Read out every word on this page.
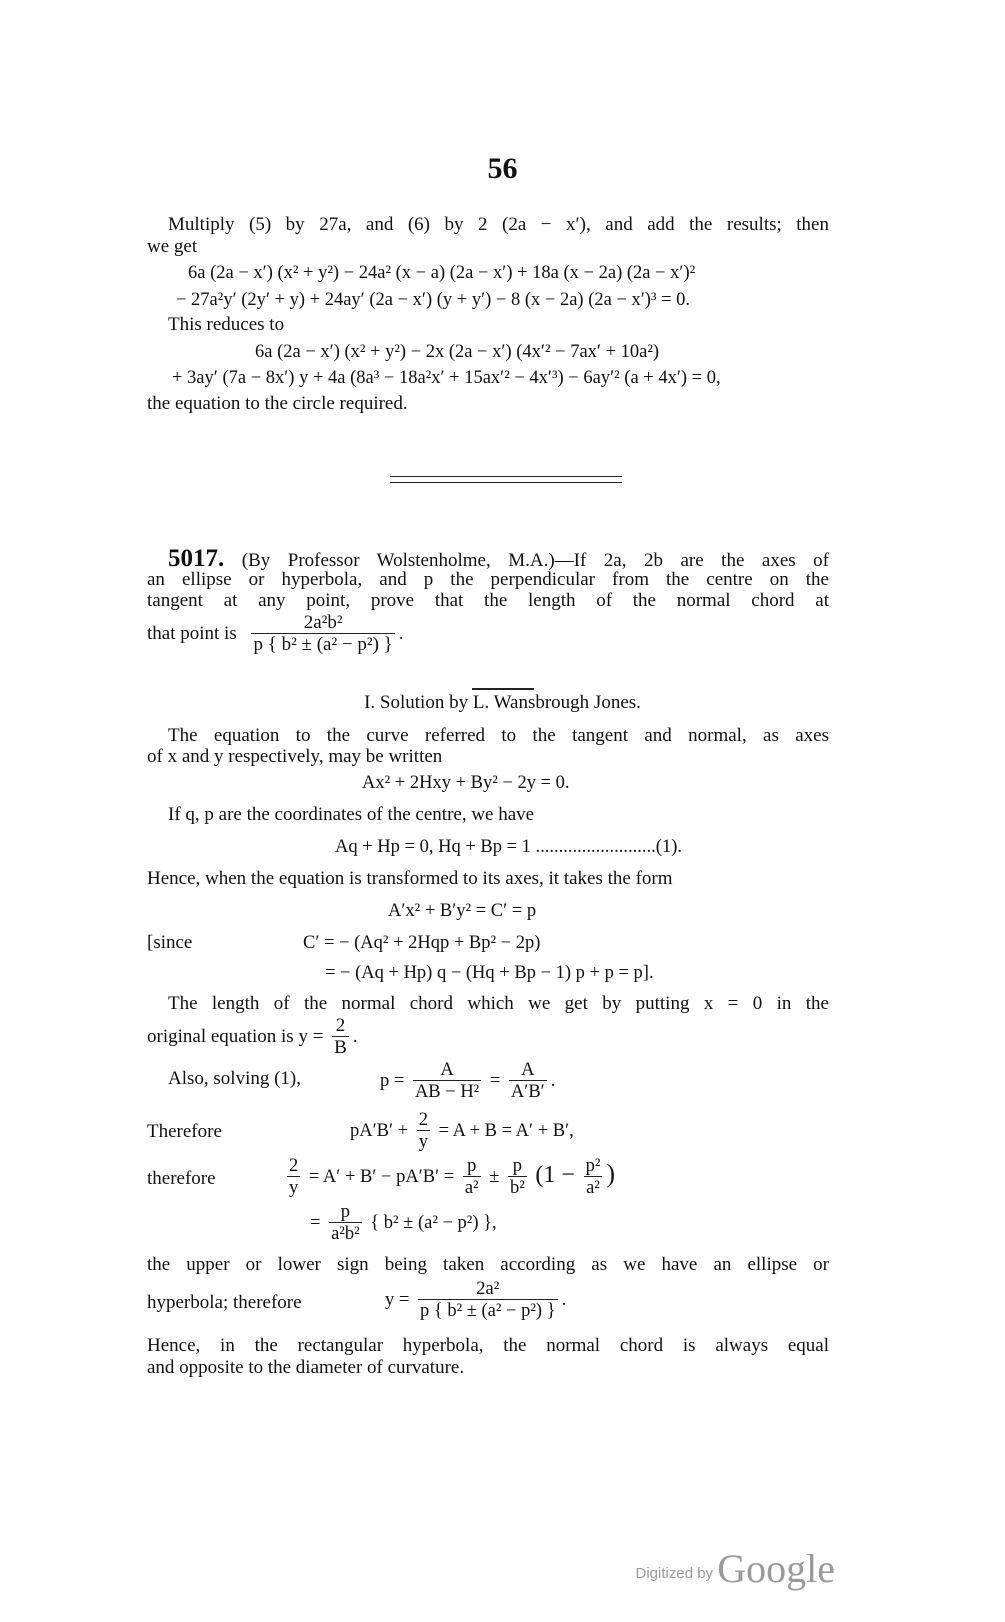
56
Multiply (5) by 27a, and (6) by 2 (2a − x′), and add the results; then
we get
6a (2a − x′) (x² + y²) − 24a² (x − a) (2a − x′) + 18a (x − 2a) (2a − x′)²
− 27a²y′ (2y′ + y) + 24ay′ (2a − x′) (y + y′) − 8 (x − 2a) (2a − x′)³ = 0.
This reduces to
6a (2a − x′) (x² + y²) − 2x (2a − x′) (4x′² − 7ax′ + 10a²)
+ 3ay′ (7a − 8x′) y + 4a (8a³ − 18a²x′ + 15ax′² − 4x′³) − 6ay′² (a + 4x′) = 0,
the equation to the circle required.
5017. (By Professor Wolstenholme, M.A.)—If 2a, 2b are the axes of
an ellipse or hyperbola, and p the perpendicular from the centre on the
tangent at any point, prove that the length of the normal chord at
that point is $\frac{\text{2a²b²}}{\text{p \{ b² ± (a² − p²) \}}}$ .
I. Solution by L. Wansbrough Jones.
The equation to the curve referred to the tangent and normal, as axes
of x and y respectively, may be written
Ax² + 2Hxy + By² − 2y = 0.
If q, p are the coordinates of the centre, we have
Aq + Hp = 0, Hq + Bp = 1 ..........................(1).
Hence, when the equation is transformed to its axes, it takes the form
A′x² + B′y² = C′ = p
[since	C′ = − (Aq² + 2Hqp + Bp² − 2p)
= − (Aq + Hp) q − (Hq + Bp − 1) p + p = p].
The length of the normal chord which we get by putting x = 0 in the
original equation is $y = \frac{2}{B}$ .
Also, solving (1),	$p = \frac{A}{\text{AB − H²}} = \frac{A}{A'B'}$ .
Therefore	$pA'B' + \frac{2}{y} = A + B = A' + B'$,
therefore	$\frac{2}{y} = A' + B' - pA'B' = \frac{p}{\text{a²}} \pm \frac{p}{\text{b²}} (1 - \frac{\text{p²}}{\text{a²}}$ )
= $\frac{p}{\text{a²b²}}$ { b² ± (a² − p²) },
the upper or lower sign being taken according as we have an ellipse or
hyperbola; therefore	$y = \frac{\text{2a²}}{\text{p \{ b² ± (a² − p²) \}}}$ .
Hence, in the rectangular hyperbola, the normal chord is always equal
and opposite to the diameter of curvature.
Digitized by Google
